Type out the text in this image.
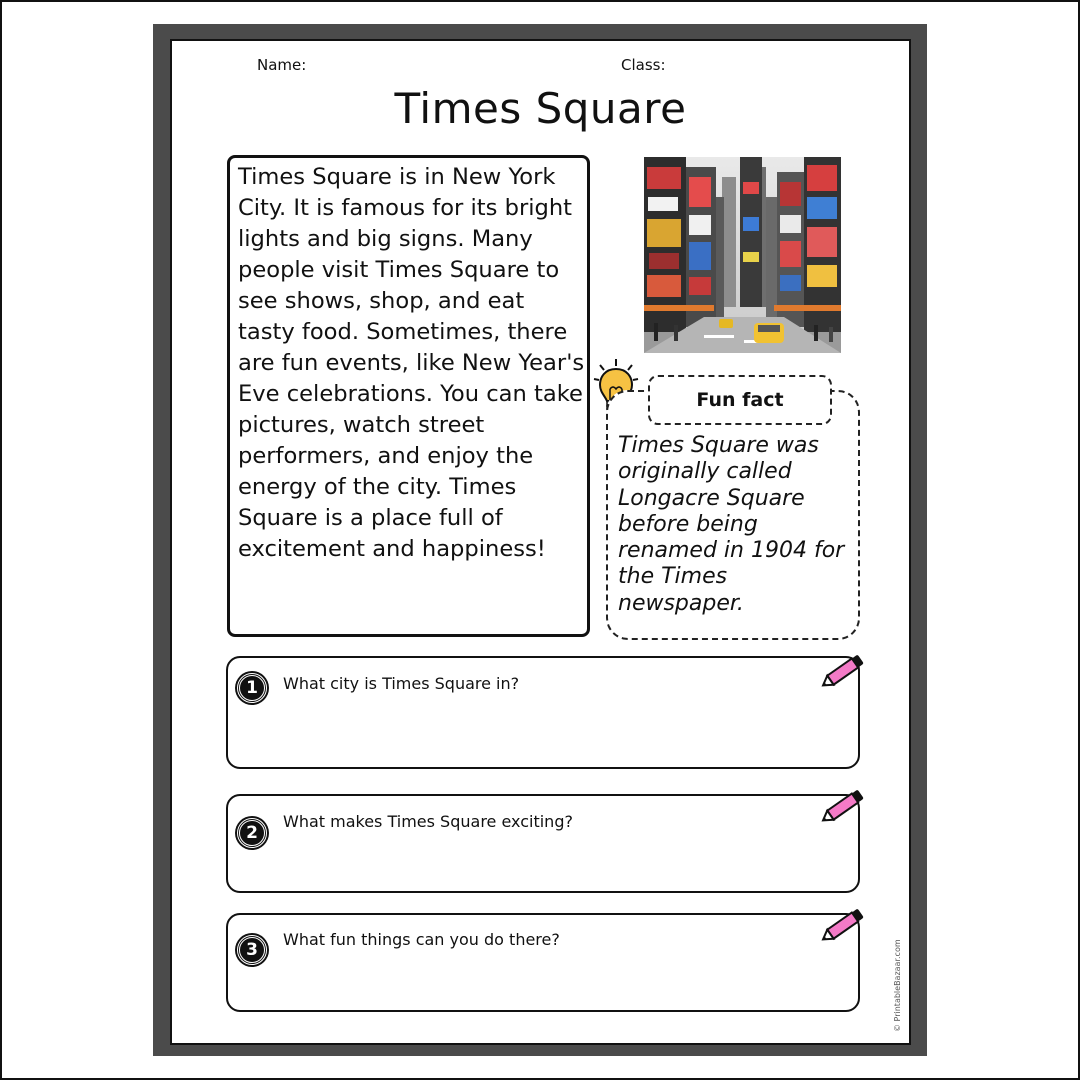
Name:	Class:
Times Square
Times Square is in New York City. It is famous for its bright lights and big signs. Many people visit Times Square to see shows, shop, and eat tasty food. Sometimes, there are fun events, like New Year's Eve celebrations. You can take pictures, watch street performers, and enjoy the energy of the city. Times Square is a place full of excitement and happiness!
Fun fact
Times Square was originally called Longacre Square before being renamed in 1904 for the Times newspaper.
1	What city is Times Square in?
2
What makes Times Square exciting?
3
What fun things can you do there?	© PrintableBazaar.com
